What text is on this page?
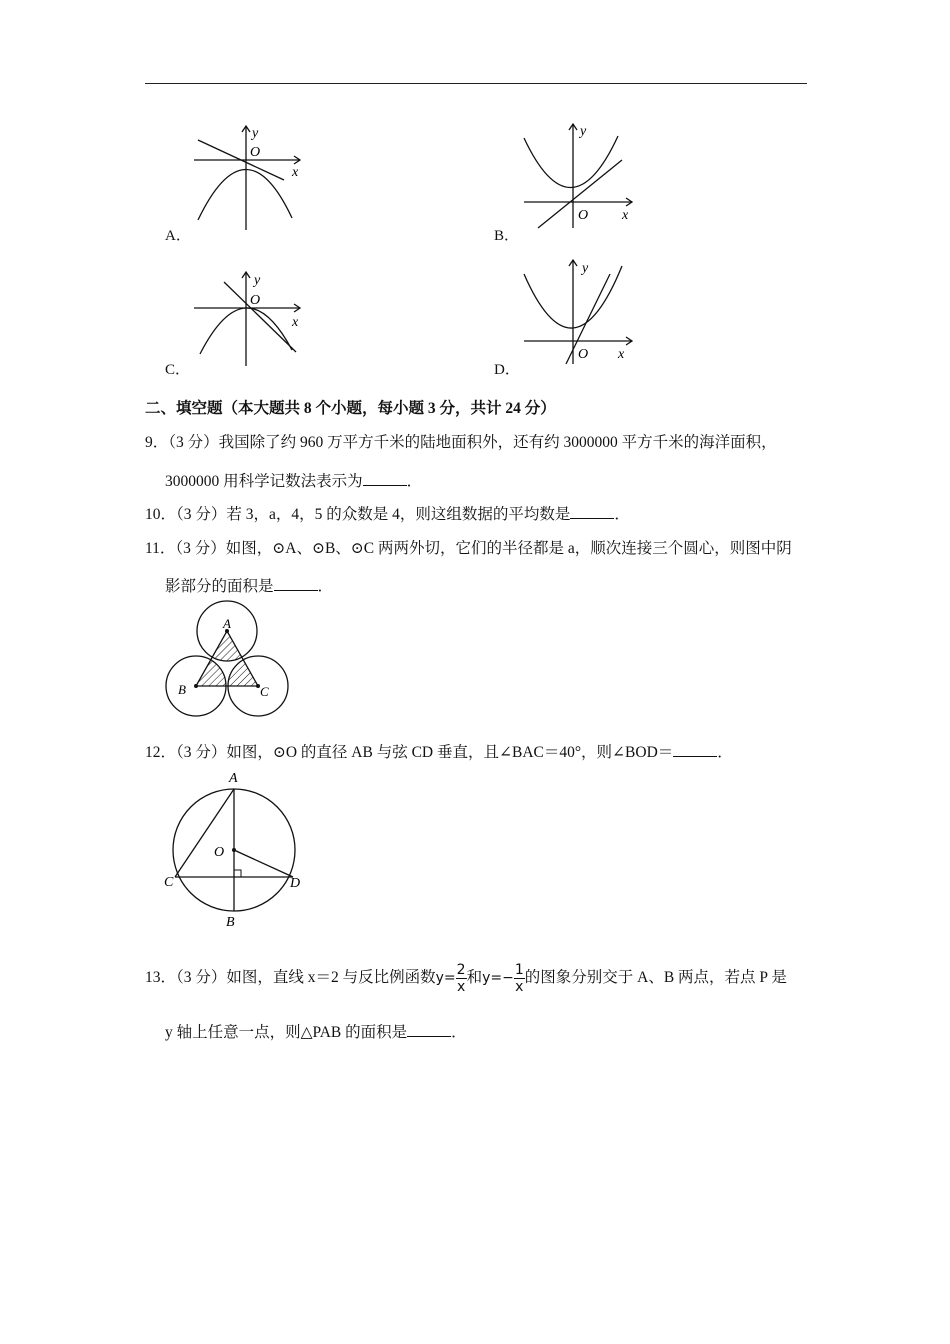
y
O
x
A．
y
O x
B．
y
O
x
C．
y
O x
D．
二、填空题（本大题共 8 个小题，每小题 3 分，共计 24 分）
9．（3 分）我国除了约 960 万平方千米的陆地面积外，还有约 3000000 平方千米的海洋面积，
3000000 用科学记数法表示为	．
10．（3 分）若 3，a，4，5 的众数是 4，则这组数据的平均数是	．
11．（3 分）如图，⊙A、⊙B、⊙C 两两外切，它们的半径都是 a，顺次连接三个圆心，则图中阴
影部分的面积是	．
A
B	C
12．（3 分）如图，⊙O 的直径 AB 与弦 CD 垂直，且∠BAC＝40°，则∠BOD＝	．
A
O
C	D
B
13．（3 分）如图，直线 x＝2 与反比例函数$y= \frac{2}{x}$ 和$y=- \frac{1}{x}$ 的图象分别交于 A、B 两点，若点 P 是
y 轴上任意一点，则△PAB 的面积是	．
